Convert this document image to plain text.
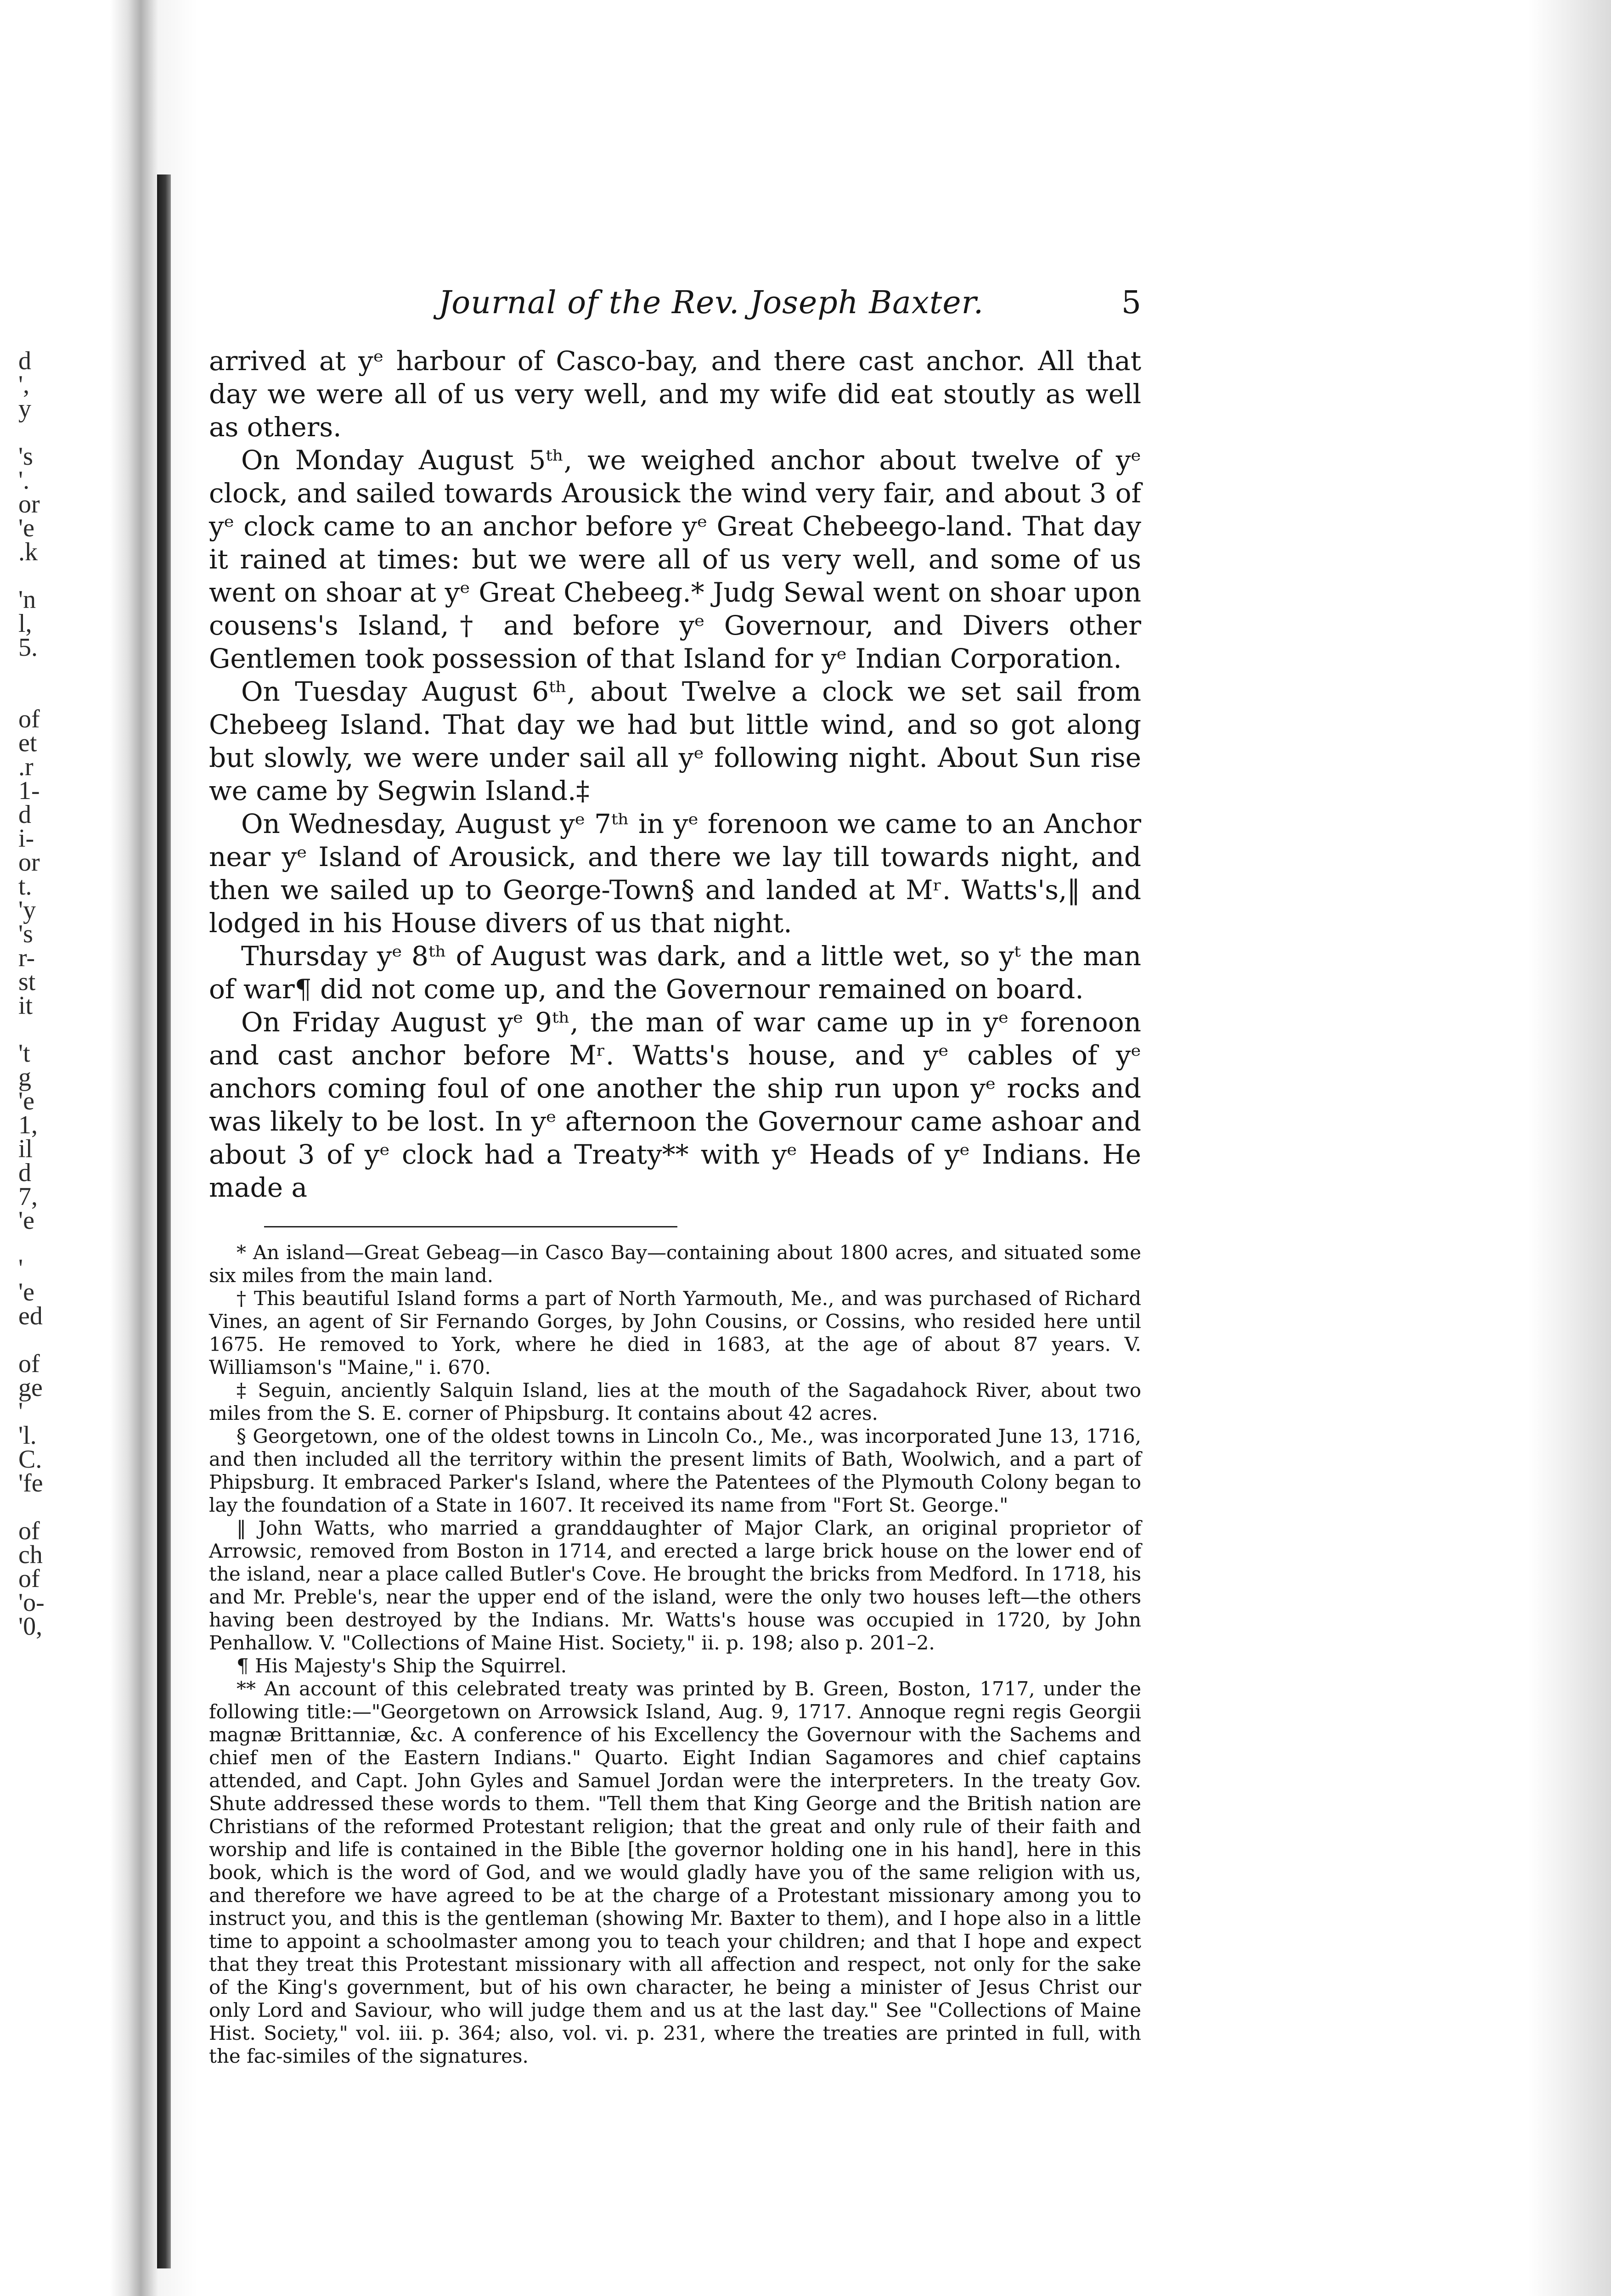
d
',
y
's
'.
or
'e
.k
'n
l,
5.
of
et
.r
1-
d
i-
or
t.
'y
's
r-
st
it
't
g
'e
1,
il
d
7,
'e
'
'e
ed
of
ge
'
'l.
C.
'fe
of
ch
of
'o-
'0,
Journal of the Rev. Joseph Baxter.	5

arrived at yᵉ harbour of Casco-bay, and there cast anchor. All that day we were all of us very well, and my wife did eat stoutly as well as others.

On Monday August 5ᵗʰ, we weighed anchor about twelve of yᵉ clock, and sailed towards Arousick the wind very fair, and about 3 of yᵉ clock came to an anchor before yᵉ Great Chebeego-land. That day it rained at times: but we were all of us very well, and some of us went on shoar at yᵉ Great Chebeeg.* Judg Sewal went on shoar upon cousens's Island,† and before yᵉ Governour, and Divers other Gentlemen took possession of that Island for yᵉ Indian Corporation.

On Tuesday August 6ᵗʰ, about Twelve a clock we set sail from Chebeeg Island. That day we had but little wind, and so got along but slowly, we were under sail all yᵉ following night. About Sun rise we came by Segwin Island.‡

On Wednesday, August yᵉ 7ᵗʰ in yᵉ forenoon we came to an Anchor near yᵉ Island of Arousick, and there we lay till towards night, and then we sailed up to George-Town§ and landed at Mʳ. Watts's,‖ and lodged in his House divers of us that night.

Thursday yᵉ 8ᵗʰ of August was dark, and a little wet, so yᵗ the man of war¶ did not come up, and the Governour remained on board.

On Friday August yᵉ 9ᵗʰ, the man of war came up in yᵉ forenoon and cast anchor before Mʳ. Watts's house, and yᵉ cables of yᵉ anchors coming foul of one another the ship run upon yᵉ rocks and was likely to be lost. In yᵉ afternoon the Governour came ashoar and about 3 of yᵉ clock had a Treaty** with yᵉ Heads of yᵉ Indians. He made a

* An island—Great Gebeag—in Casco Bay—containing about 1800 acres, and situated some six miles from the main land.

† This beautiful Island forms a part of North Yarmouth, Me., and was purchased of Richard Vines, an agent of Sir Fernando Gorges, by John Cousins, or Cossins, who resided here until 1675. He removed to York, where he died in 1683, at the age of about 87 years. V. Williamson's "Maine," i. 670.

‡ Seguin, anciently Salquin Island, lies at the mouth of the Sagadahock River, about two miles from the S. E. corner of Phipsburg. It contains about 42 acres.

§ Georgetown, one of the oldest towns in Lincoln Co., Me., was incorporated June 13, 1716, and then included all the territory within the present limits of Bath, Woolwich, and a part of Phipsburg. It embraced Parker's Island, where the Patentees of the Plymouth Colony began to lay the foundation of a State in 1607. It received its name from "Fort St. George."

‖ John Watts, who married a granddaughter of Major Clark, an original proprietor of Arrowsic, removed from Boston in 1714, and erected a large brick house on the lower end of the island, near a place called Butler's Cove. He brought the bricks from Medford. In 1718, his and Mr. Preble's, near the upper end of the island, were the only two houses left—the others having been destroyed by the Indians. Mr. Watts's house was occupied in 1720, by John Penhallow. V. "Collections of Maine Hist. Society," ii. p. 198; also p. 201–2.

¶ His Majesty's Ship the Squirrel.

** An account of this celebrated treaty was printed by B. Green, Boston, 1717, under the following title:—"Georgetown on Arrowsick Island, Aug. 9, 1717. Annoque regni regis Georgii magnæ Brittanniæ, &c. A conference of his Excellency the Governour with the Sachems and chief men of the Eastern Indians." Quarto. Eight Indian Sagamores and chief captains attended, and Capt. John Gyles and Samuel Jordan were the interpreters. In the treaty Gov. Shute addressed these words to them. "Tell them that King George and the British nation are Christians of the reformed Protestant religion; that the great and only rule of their faith and worship and life is contained in the Bible [the governor holding one in his hand], here in this book, which is the word of God, and we would gladly have you of the same religion with us, and therefore we have agreed to be at the charge of a Protestant missionary among you to instruct you, and this is the gentleman (showing Mr. Baxter to them), and I hope also in a little time to appoint a schoolmaster among you to teach your children; and that I hope and expect that they treat this Protestant missionary with all affection and respect, not only for the sake of the King's government, but of his own character, he being a minister of Jesus Christ our only Lord and Saviour, who will judge them and us at the last day." See "Collections of Maine Hist. Society," vol. iii. p. 364; also, vol. vi. p. 231, where the treaties are printed in full, with the fac-similes of the signatures.
